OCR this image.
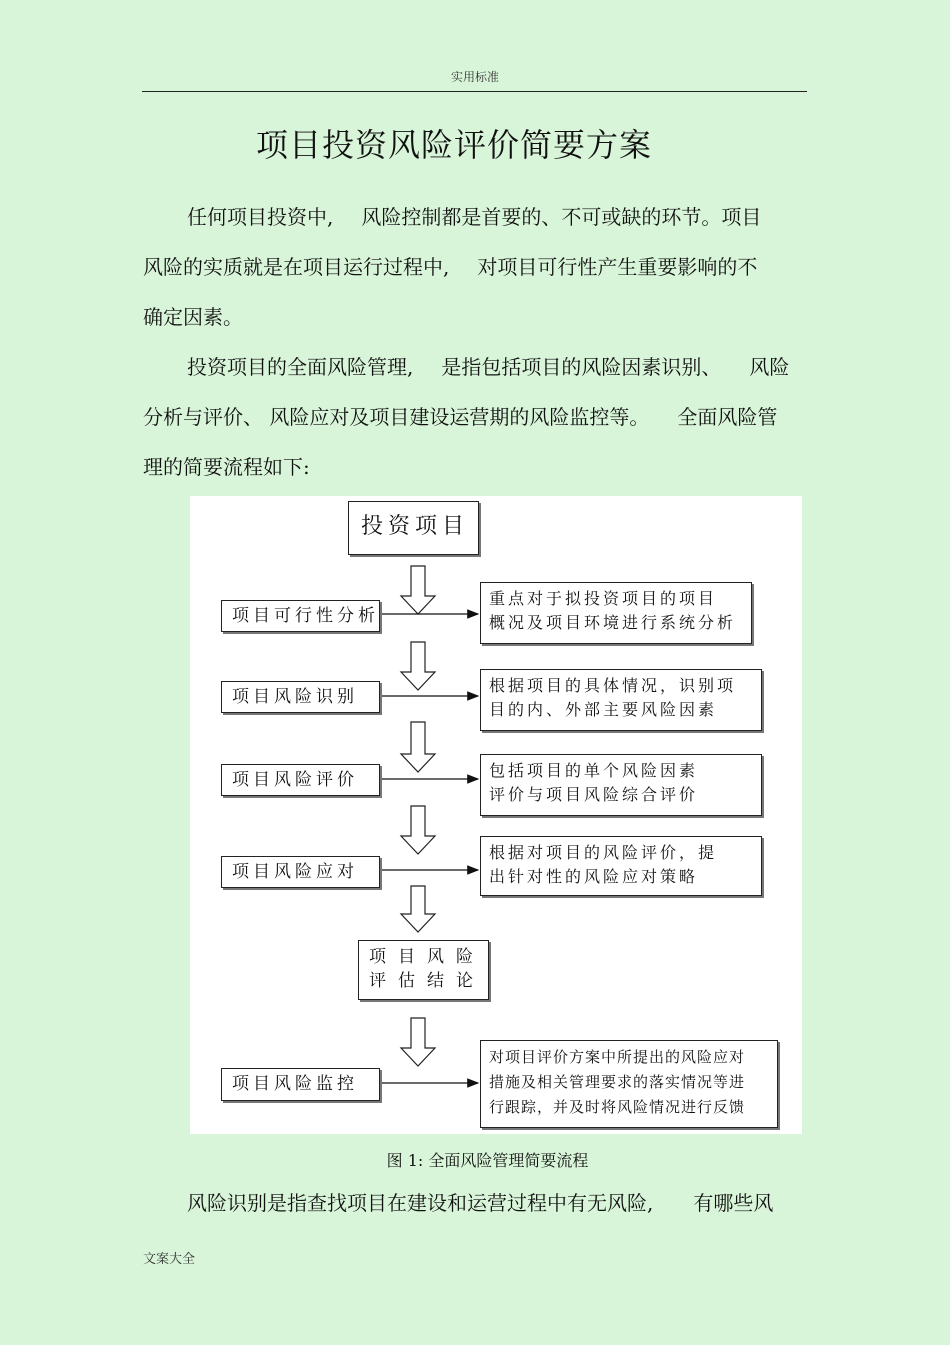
实用标准
项目投资风险评价简要方案
任何项目投资中, 风险控制都是首要的、不可或缺的环节。项目
风险的实质就是在项目运行过程中, 对项目可行性产生重要影响的不
确定因素。
投资项目的全面风险管理, 是指包括项目的风险因素识别、 风险
分析与评价、 风险应对及项目建设运营期的风险监控等。 全面风险管
理的简要流程如下:
投资项目
项目可行性分析
重点对于拟投资项目的项目
概况及项目环境进行系统分析
项目风险识别
根据项目的具体情况，识别项
目的内、外部主要风险因素
项目风险评价	包括项目的单个风险因素
评价与项目风险综合评价
项目风险应对
根据对项目的风险评价，提
出针对性的风险应对策略
项目风险
评估结论
项目风险监控
对项目评价方案中所提出的风险应对
措施及相关管理要求的落实情况等进
行跟踪，并及时将风险情况进行反馈
图 1: 全面风险管理简要流程
风险识别是指查找项目在建设和运营过程中有无风险, 有哪些风
文案大全
